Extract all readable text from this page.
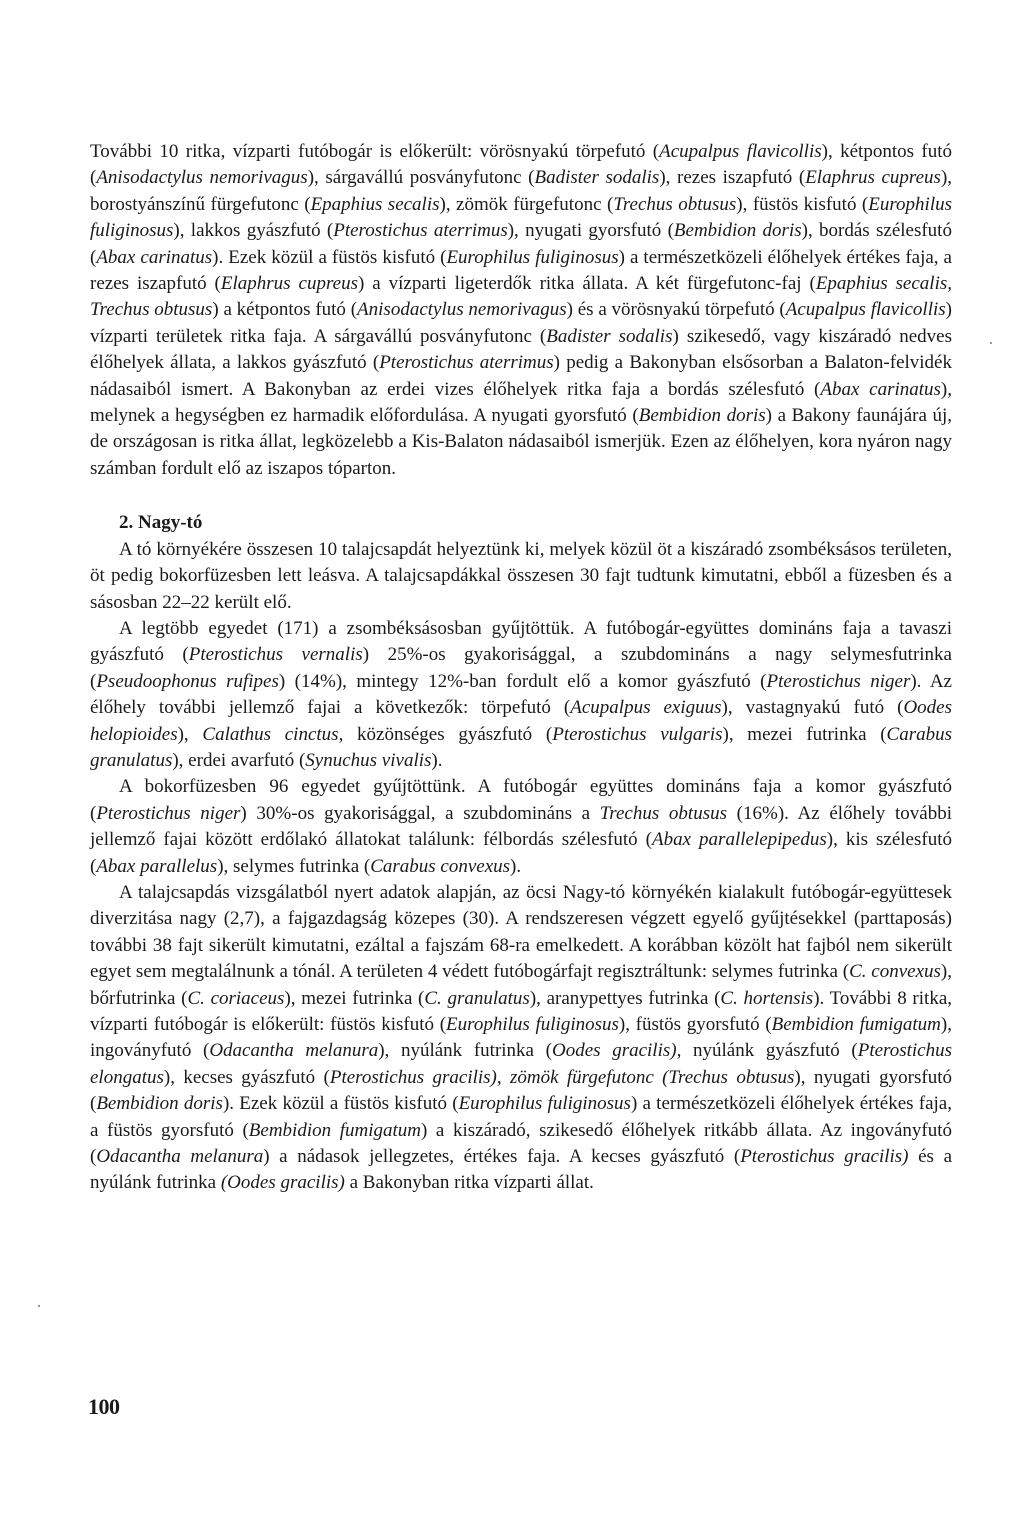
További 10 ritka, vízparti futóbogár is előkerült: vörösnyakú törpefutó (Acupalpus flavicollis), kétpontos futó (Anisodactylus nemorivagus), sárgavállú posványfutonc (Badister sodalis), rezes iszapfutó (Elaphrus cupreus), borostyánszínű fürgefutonc (Epaphius secalis), zömök fürgefutonc (Trechus obtusus), füstös kisfutó (Europhilus fuliginosus), lakkos gyászfutó (Pterostichus aterrimus), nyugati gyorsfutó (Bembidion doris), bordás szélesfutó (Abax carinatus). Ezek közül a füstös kisfutó (Europhilus fuliginosus) a természetközeli élőhelyek értékes faja, a rezes iszapfutó (Elaphrus cupreus) a vízparti ligeterdők ritka állata. A két fürgefutonc-faj (Epaphius secalis, Trechus obtusus) a kétpontos futó (Anisodactylus nemorivagus) és a vörösnyakú törpefutó (Acupalpus flavicollis) vízparti területek ritka faja. A sárgavállú posványfutonc (Badister sodalis) szikesedő, vagy kiszáradó nedves élőhelyek állata, a lakkos gyászfutó (Pterostichus aterrimus) pedig a Bakonyban elsősorban a Balaton-felvidék nádasaiból ismert. A Bakonyban az erdei vizes élőhelyek ritka faja a bordás szélesfutó (Abax carinatus), melynek a hegységben ez harmadik előfordulása. A nyugati gyorsfutó (Bembidion doris) a Bakony faunájára új, de országosan is ritka állat, legközelebb a Kis-Balaton nádasaiból ismerjük. Ezen az élőhelyen, kora nyáron nagy számban fordult elő az iszapos tóparton.

2. Nagy-tó

A tó környékére összesen 10 talajcsapdát helyeztünk ki, melyek közül öt a kiszáradó zsombéksásos területen, öt pedig bokorfüzesben lett leásva. A talajcsapdákkal összesen 30 fajt tudtunk kimutatni, ebből a füzesben és a sásosban 22–22 került elő.

A legtöbb egyedet (171) a zsombéksásosban gyűjtöttük. A futóbogár-együttes domináns faja a tavaszi gyászfutó (Pterostichus vernalis) 25%-os gyakorisággal, a szubdomináns a nagy selymesfutrinka (Pseudoophonus rufipes) (14%), mintegy 12%-ban fordult elő a komor gyászfutó (Pterostichus niger). Az élőhely további jellemző fajai a következők: törpefutó (Acupalpus exiguus), vastagnyakú futó (Oodes helopioides), Calathus cinctus, közönséges gyászfutó (Pterostichus vulgaris), mezei futrinka (Carabus granulatus), erdei avarfutó (Synuchus vivalis).

A bokorfüzesben 96 egyedet gyűjtöttünk. A futóbogár együttes domináns faja a komor gyászfutó (Pterostichus niger) 30%-os gyakorisággal, a szubdomináns a Trechus obtusus (16%). Az élőhely további jellemző fajai között erdőlakó állatokat találunk: félbordás szélesfutó (Abax parallelepipedus), kis szélesfutó (Abax parallelus), selymes futrinka (Carabus convexus).

A talajcsapdás vizsgálatból nyert adatok alapján, az öcsi Nagy-tó környékén kialakult futóbogár-együttesek diverzitása nagy (2,7), a fajgazdagság közepes (30). A rendszeresen végzett egyelő gyűjtésekkel (parttaposás) további 38 fajt sikerült kimutatni, ezáltal a fajszám 68-ra emelkedett. A korábban közölt hat fajból nem sikerült egyet sem megtalálnunk a tónál. A területen 4 védett futóbogárfajt regisztráltunk: selymes futrinka (C. convexus), bőrfutrinka (C. coriaceus), mezei futrinka (C. granulatus), aranypettyes futrinka (C. hortensis). További 8 ritka, vízparti futóbogár is előkerült: füstös kisfutó (Europhilus fuliginosus), füstös gyorsfutó (Bembidion fumigatum), ingoványfutó (Odacantha melanura), nyúlánk futrinka (Oodes gracilis), nyúlánk gyászfutó (Pterostichus elongatus), kecses gyászfutó (Pterostichus gracilis), zömök fürgefutonc (Trechus obtusus), nyugati gyorsfutó (Bembidion doris). Ezek közül a füstös kisfutó (Europhilus fuliginosus) a természetközeli élőhelyek értékes faja, a füstös gyorsfutó (Bembidion fumigatum) a kiszáradó, szikesedő élőhelyek ritkább állata. Az ingoványfutó (Odacantha melanura) a nádasok jellegzetes, értékes faja. A kecses gyászfutó (Pterostichus gracilis) és a nyúlánk futrinka (Oodes gracilis) a Bakonyban ritka vízparti állat.

100
